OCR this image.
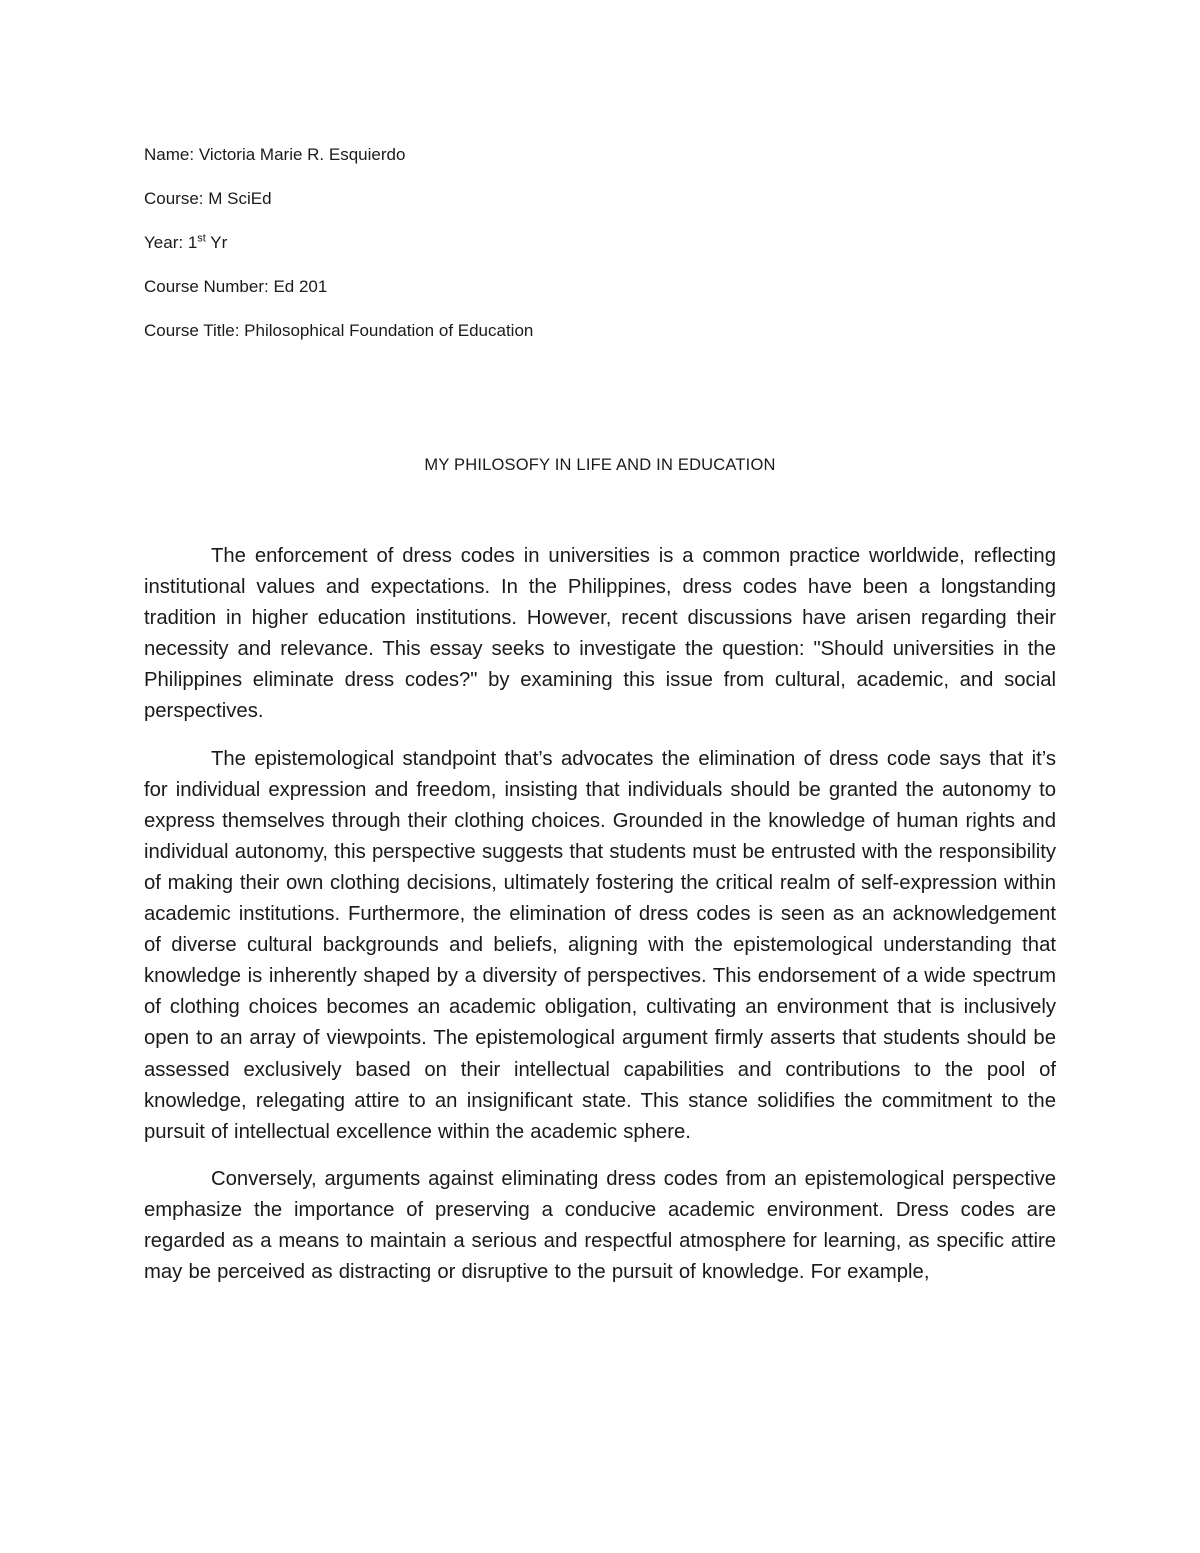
Name: Victoria Marie R. Esquierdo
Course: M SciEd
Year: 1st Yr
Course Number: Ed 201
Course Title: Philosophical Foundation of Education
MY PHILOSOFY IN LIFE AND IN EDUCATION

The enforcement of dress codes in universities is a common practice worldwide, reflecting institutional values and expectations. In the Philippines, dress codes have been a longstanding tradition in higher education institutions. However, recent discussions have arisen regarding their necessity and relevance. This essay seeks to investigate the question: "Should universities in the Philippines eliminate dress codes?" by examining this issue from cultural, academic, and social perspectives.

The epistemological standpoint that’s advocates the elimination of dress code says that it’s for individual expression and freedom, insisting that individuals should be granted the autonomy to express themselves through their clothing choices. Grounded in the knowledge of human rights and individual autonomy, this perspective suggests that students must be entrusted with the responsibility of making their own clothing decisions, ultimately fostering the critical realm of self-expression within academic institutions. Furthermore, the elimination of dress codes is seen as an acknowledgement of diverse cultural backgrounds and beliefs, aligning with the epistemological understanding that knowledge is inherently shaped by a diversity of perspectives. This endorsement of a wide spectrum of clothing choices becomes an academic obligation, cultivating an environment that is inclusively open to an array of viewpoints. The epistemological argument firmly asserts that students should be assessed exclusively based on their intellectual capabilities and contributions to the pool of knowledge, relegating attire to an insignificant state. This stance solidifies the commitment to the pursuit of intellectual excellence within the academic sphere.

Conversely, arguments against eliminating dress codes from an epistemological perspective emphasize the importance of preserving a conducive academic environment. Dress codes are regarded as a means to maintain a serious and respectful atmosphere for learning, as specific attire may be perceived as distracting or disruptive to the pursuit of knowledge. For example,
